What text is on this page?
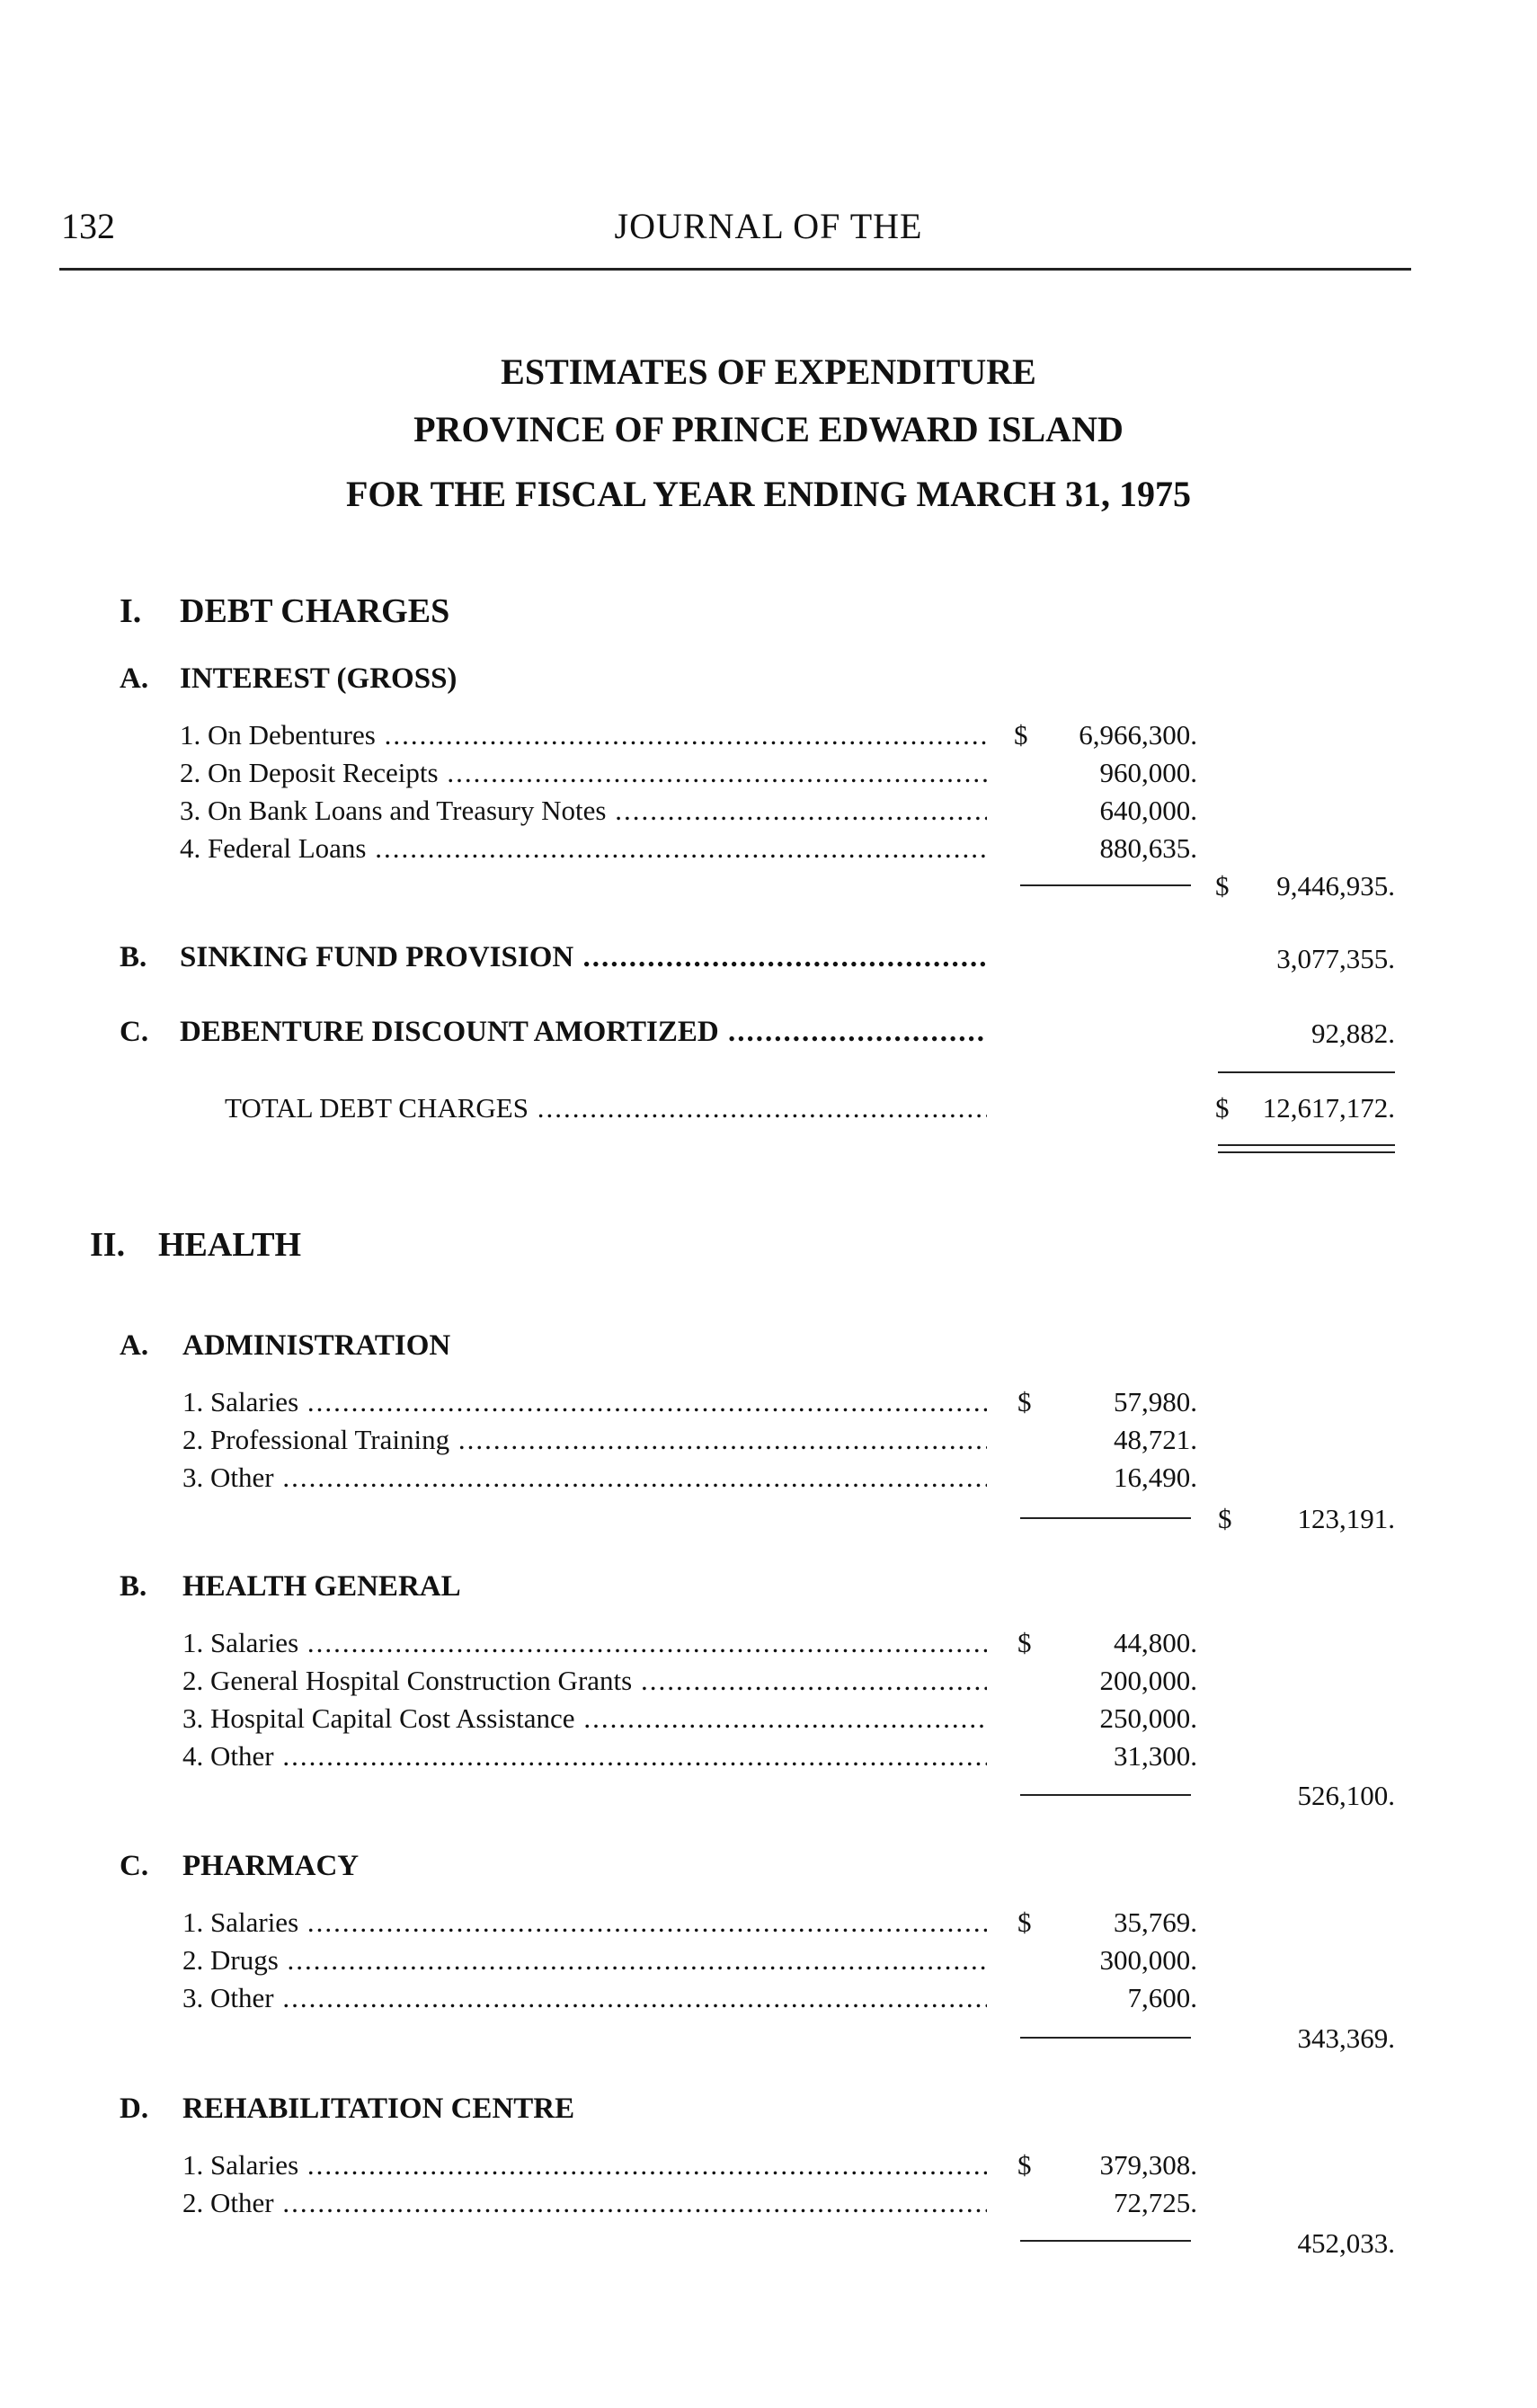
132	JOURNAL OF THE
ESTIMATES OF EXPENDITURE
PROVINCE OF PRINCE EDWARD ISLAND
FOR THE FISCAL YEAR ENDING MARCH 31, 1975
I. DEBT CHARGES
A. INTEREST (GROSS)
1. On Debentures .....	$	6,966,300.
2. On Deposit Receipts .....	960,000.
3. On Bank Loans and Treasury Notes .....	640,000.
4. Federal Loans .....	880,635.
$	9,446,935.
B. SINKING FUND PROVISION .....	3,077,355.
C. DEBENTURE DISCOUNT AMORTIZED .....	92,882.
TOTAL DEBT CHARGES .....	$	12,617,172.
II. HEALTH
A. ADMINISTRATION
1. Salaries .....	$	57,980.
2. Professional Training .....	48,721.
3. Other .....	16,490.
$	123,191.
B. HEALTH GENERAL
1. Salaries .....	$	44,800.
2. General Hospital Construction Grants .....	200,000.
3. Hospital Capital Cost Assistance .....	250,000.
4. Other .....	31,300.
526,100.
C. PHARMACY
1. Salaries .....	$	35,769.
2. Drugs .....	300,000.
3. Other .....	7,600.
343,369.
D. REHABILITATION CENTRE
1. Salaries .....	$	379,308.
2. Other .....	72,725.
452,033.
